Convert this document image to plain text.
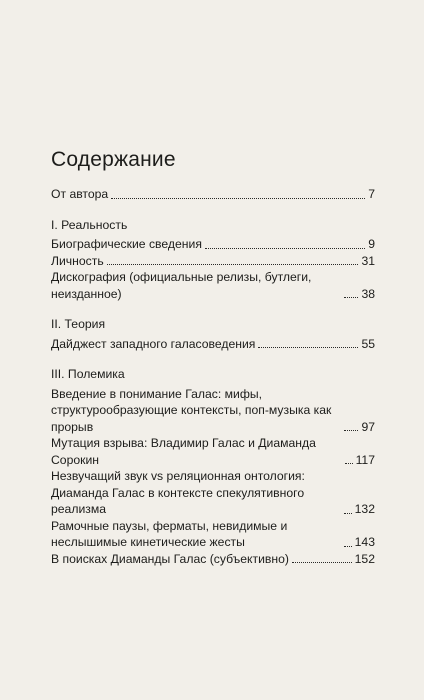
Содержание
От автора	7
I. Реальность
Биографические сведения	9
Личность	31
Дискография (официальные релизы, бутлеги, неизданное)	38
II. Теория
Дайджест западного галасоведения	55
III. Полемика
Введение в понимание Галас: мифы, структурообразующие контексты, поп-музыка как прорыв	97
Мутация взрыва: Владимир Галас и Диаманда Сорокин	117
Незвучащий звук vs реляционная онтология: Диаманда Галас в контексте спекулятивного реализма	132
Рамочные паузы, ферматы, невидимые и неслышимые кинетические жесты	143
В поисках Диаманды Галас (субъективно)	152
